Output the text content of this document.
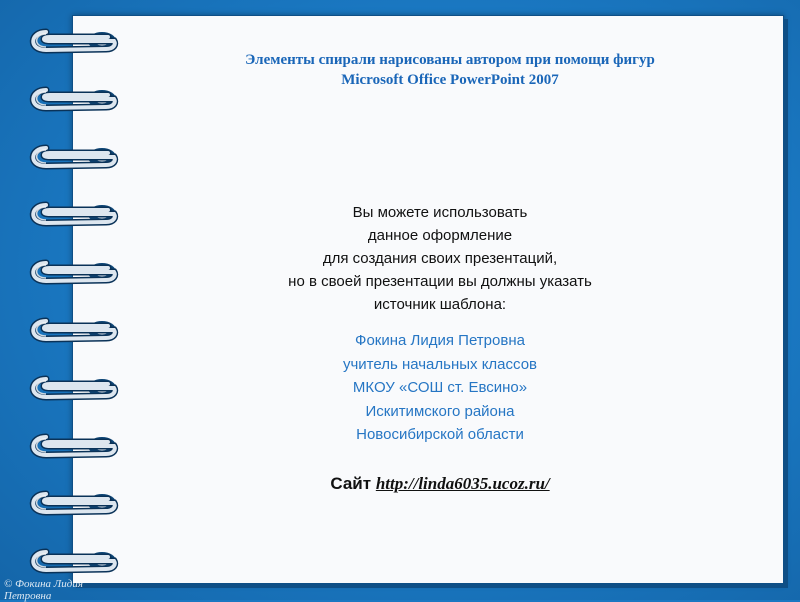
Элементы спирали нарисованы автором при помощи фигур
Microsoft Office PowerPoint 2007
Вы можете использовать
данное оформление
для создания своих презентаций,
но в своей презентации вы должны указать
источник шаблона:
Фокина Лидия Петровна
учитель начальных классов
МКОУ «СОШ ст. Евсино»
Искитимского района
Новосибирской области
Сайт http://linda6035.ucoz.ru/
© Фокина Лидия Петровна
